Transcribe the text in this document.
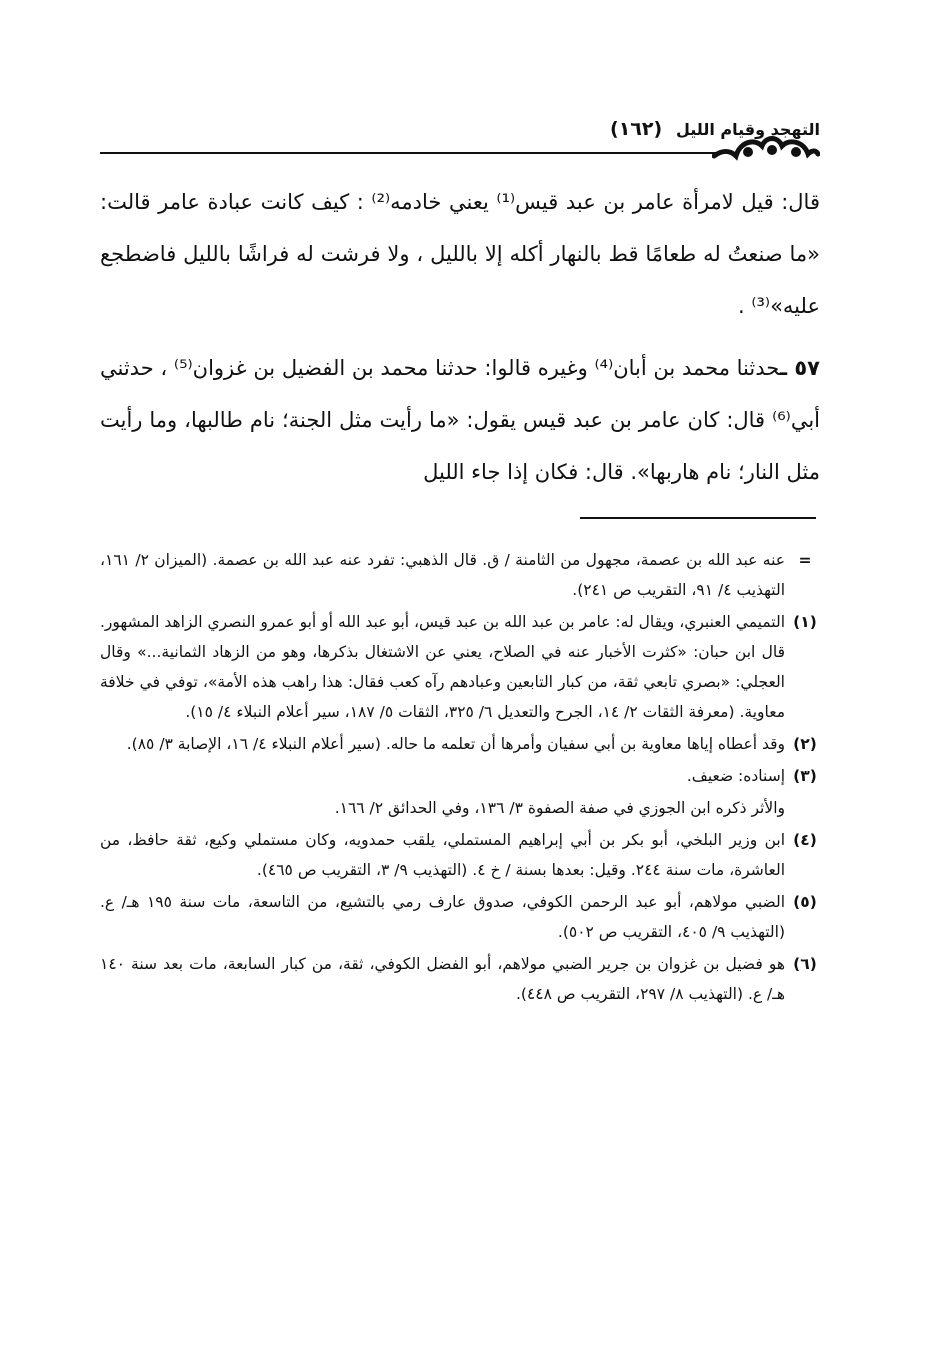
التهجد وقيام الليل
(١٦٢)

قال: قيل لامرأة عامر بن عبد قيس⁽¹⁾ يعني خادمه⁽²⁾ : كيف كانت عبادة عامر قالت: «ما صنعتُ له طعامًا قط بالنهار أكله إلا بالليل ، ولا فرشت له فراشًا بالليل فاضطجع عليه»⁽³⁾ .

٥٧ ـحدثنا محمد بن أبان⁽⁴⁾ وغيره قالوا: حدثنا محمد بن الفضيل بن غزوان⁽⁵⁾ ، حدثني أبي⁽⁶⁾ قال: كان عامر بن عبد قيس يقول: «ما رأيت مثل الجنة؛ نام طالبها، وما رأيت مثل النار؛ نام هاربها». قال: فكان إذا جاء الليل

=
عنه عبد الله بن عصمة، مجهول من الثامنة / ق. قال الذهبي: تفرد عنه عبد الله بن عصمة. (الميزان ٢/ ١٦١، التهذيب ٤/ ٩١، التقريب ص ٢٤١).
(١)
التميمي العنبري، ويقال له: عامر بن عبد الله بن عبد قيس، أبو عبد الله أو أبو عمرو النصري الزاهد المشهور. قال ابن حبان: «كثرت الأخبار عنه في الصلاح، يعني عن الاشتغال بذكرها، وهو من الزهاد الثمانية...» وقال العجلي: «بصري تابعي ثقة، من كبار التابعين وعبادهم رآه كعب فقال: هذا راهب هذه الأمة»، توفي في خلافة معاوية. (معرفة الثقات ٢/ ١٤، الجرح والتعديل ٦/ ٣٢٥، الثقات ٥/ ١٨٧، سير أعلام النبلاء ٤/ ١٥).
(٢)
وقد أعطاه إياها معاوية بن أبي سفيان وأمرها أن تعلمه ما حاله. (سير أعلام النبلاء ٤/ ١٦، الإصابة ٣/ ٨٥).
(٣)
إسناده: ضعيف.
والأثر ذكره ابن الجوزي في صفة الصفوة ٣/ ١٣٦، وفي الحدائق ٢/ ١٦٦.
(٤)
ابن وزير البلخي، أبو بكر بن أبي إبراهيم المستملي، يلقب حمدويه، وكان مستملي وكيع، ثقة حافظ، من العاشرة، مات سنة ٢٤٤. وقيل: بعدها بسنة / خ ٤. (التهذيب ٩/ ٣، التقريب ص ٤٦٥).
(٥)
الضبي مولاهم، أبو عبد الرحمن الكوفي، صدوق عارف رمي بالتشيع، من التاسعة، مات سنة ١٩٥ هـ/ ع. (التهذيب ٩/ ٤٠٥، التقريب ص ٥٠٢).
(٦)
هو فضيل بن غزوان بن جرير الضبي مولاهم، أبو الفضل الكوفي، ثقة، من كبار السابعة، مات بعد سنة ١٤٠ هـ/ ع. (التهذيب ٨/ ٢٩٧، التقريب ص ٤٤٨).
